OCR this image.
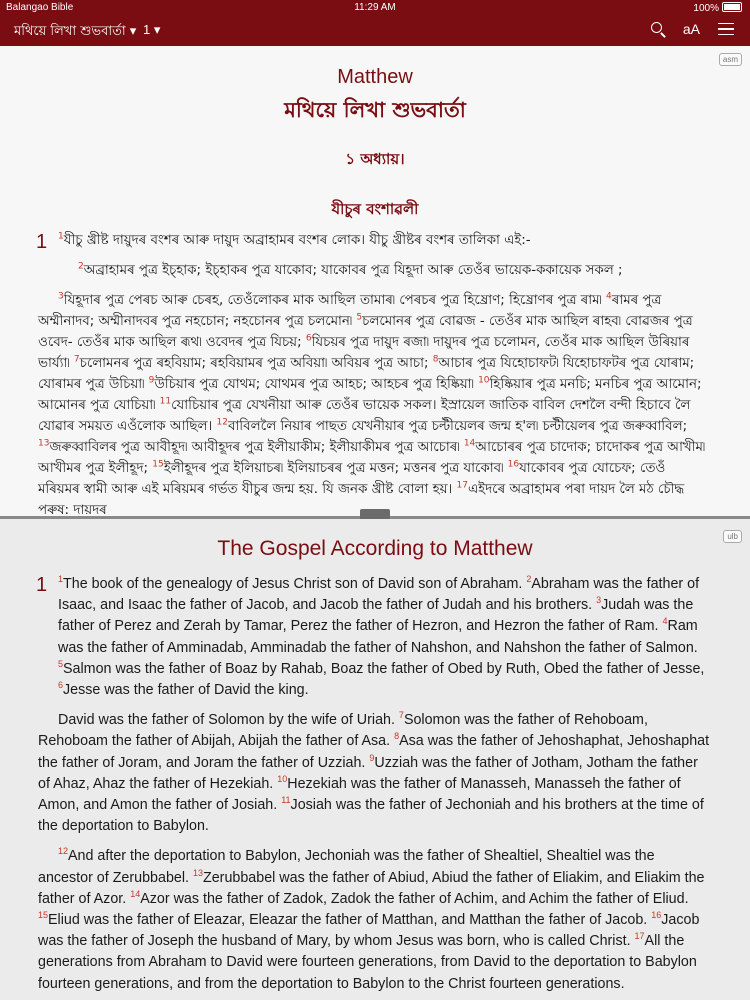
Balangao Bible	11:29 AM	100%
মথিয়ে লিখা শুভবাৰ্তা ▾ 1 ▾	aA
asm
Matthew
মথিয়ে লিখা শুভবাৰ্তা
১ অধ্যায়।
যীচুৰ বংশাৱলী
1	$^1$যীচু খ্ৰীষ্ট দায়ুদৰ বংশৰ আৰু দায়ুদ অব্ৰাহামৰ বংশৰ লোক। যীচু খ্ৰীষ্টৰ বংশৰ তালিকা এই:-

$^2$অব্ৰাহামৰ পুত্ৰ ইচ্হাক; ইচ্হাকৰ পুত্ৰ যাকোব; যাকোবৰ পুত্ৰ যিহূদা আৰু তেওঁৰ ভায়েক-ককায়েক সকল ;

$^3$যিহূদাৰ পুত্ৰ পেৰচ আৰু চেৰহ, তেওঁলোকৰ মাক আছিল তামাৰ৷ পেৰচৰ পুত্ৰ হিষ্ৰোণ; হিষ্ৰোণৰ পুত্ৰ ৰাম৷ $^4$ৰামৰ পুত্ৰ অম্মীনাদব; অম্মীনাদবৰ পুত্ৰ নহচোন; নহচোনৰ পুত্ৰ চলমোন৷ $^5$চলমোনৰ পুত্ৰ বোৱজ - তেওঁৰ মাক আছিল ৰাহব৷ বোৱজৰ পুত্ৰ ওবেদ- তেওঁৰ মাক আছিল ৰূথ৷ ওবেদৰ পুত্ৰ যিচয়; $^6$যিচয়ৰ পুত্ৰ দায়ুদ ৰজা৷ দায়ুদৰ পুত্ৰ চলোমন, তেওঁৰ মাক আছিল উৰিয়াৰ ভাৰ্য্যা৷ $^7$চলোমনৰ পুত্ৰ ৰহবিয়াম; ৰহবিয়ামৰ পুত্ৰ অবিয়া৷ অবিয়ৰ পুত্ৰ আচা; $^8$আচাৰ পুত্ৰ যিহোচাফট৷ যিহোচাফটৰ পুত্ৰ যোৰাম; যোৰামৰ পুত্ৰ উচিয়া৷ $^9$উচিয়াৰ পুত্ৰ যোথম; যোথমৰ পুত্ৰ আহচ; আহচৰ পুত্ৰ হিষ্কিয়া৷ $^{10}$হিষ্কিয়াৰ পুত্ৰ মনচি; মনচিৰ পুত্ৰ আমোন; আমোনৰ পুত্ৰ যোচিয়া৷ $^{11}$যোচিয়াৰ পুত্ৰ যেখনীয়া আৰু তেওঁৰ ভায়েক সকল। ইস্ৰায়েল জাতিক বাবিল দেশলৈ বন্দী হিচাবে লৈ যোৱাৰ সময়ত এওঁলোক আছিল। $^{12}$বাবিললৈ নিয়াৰ পাছত যেখনীয়াৰ পুত্ৰ চল্টীয়েলৰ জন্ম হ'ল৷ চল্টীয়েলৰ পুত্ৰ জৰুব্বাবিল; $^{13}$জৰুব্বাবিলৰ পুত্ৰ আবীহূদ৷ আবীহূদৰ পুত্ৰ ইলীয়াকীম; ইলীয়াকীমৰ পুত্ৰ আচোৰ৷ $^{14}$আচোৰৰ পুত্ৰ চাদোক; চাদোকৰ পুত্ৰ আখীম৷ আখীমৰ পুত্ৰ ইলীহূদ; $^{15}$ইলীহূদৰ পুত্ৰ ইলিয়াচৰ৷ ইলিয়াচৰৰ পুত্ৰ মত্তন; মত্তনৰ পুত্ৰ যাকোব৷ $^{16}$যাকোবৰ পুত্ৰ যোচেফ; তেওঁ মৰিয়মৰ স্বামী আৰু এই মৰিয়মৰ গৰ্ভত যীচুৰ জন্ম হয়. যি জনক খ্ৰীষ্ট বোলা হয়। $^{17}$এইদৰে অব্ৰাহামৰ পৰা দায়দ লৈ মঠ চৌদ্ধ পৰুষ: দায়দৰ

ulb
The Gospel According to Matthew
1	$^1$The book of the genealogy of Jesus Christ son of David son of Abraham. $^2$Abraham was the father of Isaac, and Isaac the father of Jacob, and Jacob the father of Judah and his brothers. $^3$Judah was the father of Perez and Zerah by Tamar, Perez the father of Hezron, and Hezron the father of Ram. $^4$Ram was the father of Amminadab, Amminadab the father of Nahshon, and Nahshon the father of Salmon. $^5$Salmon was the father of Boaz by Rahab, Boaz the father of Obed by Ruth, Obed the father of Jesse, $^6$Jesse was the father of David the king.

David was the father of Solomon by the wife of Uriah. $^7$Solomon was the father of Rehoboam, Rehoboam the father of Abijah, Abijah the father of Asa. $^8$Asa was the father of Jehoshaphat, Jehoshaphat the father of Joram, and Joram the father of Uzziah. $^9$Uzziah was the father of Jotham, Jotham the father of Ahaz, Ahaz the father of Hezekiah. $^{10}$Hezekiah was the father of Manasseh, Manasseh the father of Amon, and Amon the father of Josiah. $^{11}$Josiah was the father of Jechoniah and his brothers at the time of the deportation to Babylon.

$^{12}$And after the deportation to Babylon, Jechoniah was the father of Shealtiel, Shealtiel was the ancestor of Zerubbabel. $^{13}$Zerubbabel was the father of Abiud, Abiud the father of Eliakim, and Eliakim the father of Azor. $^{14}$Azor was the father of Zadok, Zadok the father of Achim, and Achim the father of Eliud. $^{15}$Eliud was the father of Eleazar, Eleazar the father of Matthan, and Matthan the father of Jacob. $^{16}$Jacob was the father of Joseph the husband of Mary, by whom Jesus was born, who is called Christ. $^{17}$All the generations from Abraham to David were fourteen generations, from David to the deportation to Babylon fourteen generations, and from the deportation to Babylon to the Christ fourteen generations.
